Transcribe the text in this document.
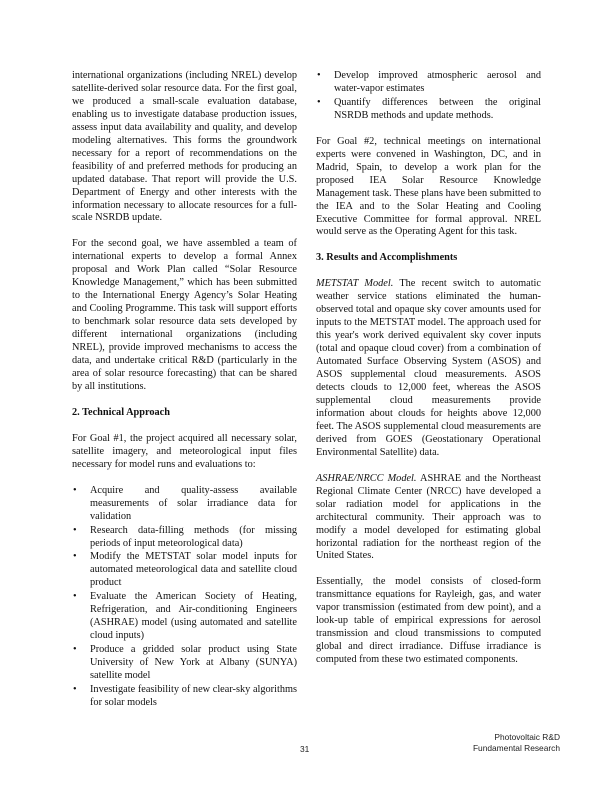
international organizations (including NREL) develop satellite-derived solar resource data. For the first goal, we produced a small-scale evaluation database, enabling us to investigate database production issues, assess input data availability and quality, and develop modeling alternatives. This forms the groundwork necessary for a report of recommendations on the feasibility of and preferred methods for producing an updated database. That report will provide the U.S. Department of Energy and other interests with the information necessary to allocate resources for a full-scale NSRDB update.

For the second goal, we have assembled a team of international experts to develop a formal Annex proposal and Work Plan called “Solar Resource Knowledge Management,” which has been submitted to the International Energy Agency’s Solar Heating and Cooling Programme. This task will support efforts to benchmark solar resource data sets developed by different international organizations (including NREL), provide improved mechanisms to access the data, and undertake critical R&D (particularly in the area of solar resource forecasting) that can be shared by all institutions.

2. Technical Approach

For Goal #1, the project acquired all necessary solar, satellite imagery, and meteorological input files necessary for model runs and evaluations to:

• Acquire and quality-assess available measurements of solar irradiance data for validation
• Research data-filling methods (for missing periods of input meteorological data)
• Modify the METSTAT solar model inputs for automated meteorological data and satellite cloud product
• Evaluate the American Society of Heating, Refrigeration, and Air-conditioning Engineers (ASHRAE) model (using automated and satellite cloud inputs)
• Produce a gridded solar product using State University of New York at Albany (SUNYA) satellite model
• Investigate feasibility of new clear-sky algorithms for solar models
• Develop improved atmospheric aerosol and water-vapor estimates
• Quantify differences between the original NSRDB methods and update methods.

For Goal #2, technical meetings on international experts were convened in Washington, DC, and in Madrid, Spain, to develop a work plan for the proposed IEA Solar Resource Knowledge Management task. These plans have been submitted to the IEA and to the Solar Heating and Cooling Executive Committee for formal approval. NREL would serve as the Operating Agent for this task.

3. Results and Accomplishments

METSTAT Model. The recent switch to automatic weather service stations eliminated the human-observed total and opaque sky cover amounts used for inputs to the METSTAT model. The approach used for this year's work derived equivalent sky cover inputs (total and opaque cloud cover) from a combination of Automated Surface Observing System (ASOS) and ASOS supplemental cloud measurements. ASOS detects clouds to 12,000 feet, whereas the ASOS supplemental cloud measurements provide information about clouds for heights above 12,000 feet. The ASOS supplemental cloud measurements are derived from GOES (Geostationary Operational Environmental Satellite) data.

ASHRAE/NRCC Model. ASHRAE and the Northeast Regional Climate Center (NRCC) have developed a solar radiation model for applications in the architectural community. Their approach was to modify a model developed for estimating global horizontal radiation for the northeast region of the United States.

Essentially, the model consists of closed-form transmittance equations for Rayleigh, gas, and water vapor transmission (estimated from dew point), and a look-up table of empirical expressions for aerosol transmission and cloud transmissions to computed global and direct irradiance. Diffuse irradiance is computed from these two estimated components.

31
Photovoltaic R&D
Fundamental Research
